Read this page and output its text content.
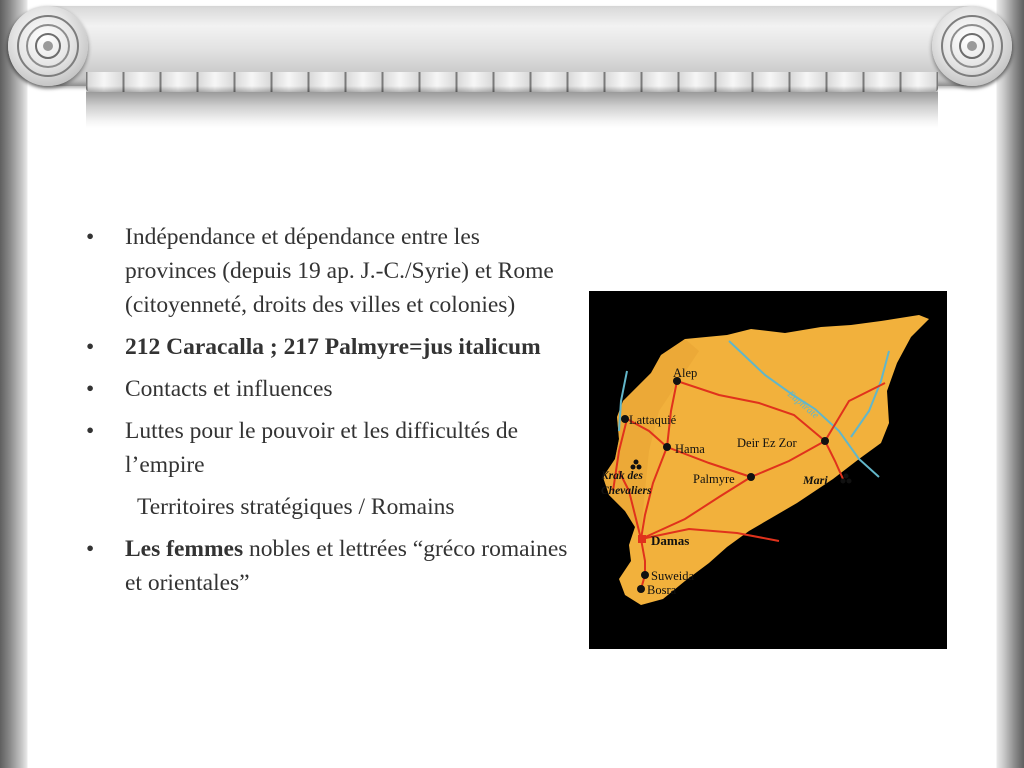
• Indépendance et dépendance entre les provinces (depuis 19 ap. J.-C./Syrie) et Rome (citoyenneté, droits des villes et colonies)
• 212 Caracalla ; 217 Palmyre=jus italicum
• Contacts et influences
• Luttes pour le pouvoir et les difficultés de l’empire
Territoires stratégiques / Romains
• Les femmes nobles et lettrées “gréco romaines et orientales”
Euphrate
Alep
Lattaquié
Hama	Deir Ez Zor
Krak des
Chevaliers
Palmyre	Mari
Damas
Suweida
Bosra
